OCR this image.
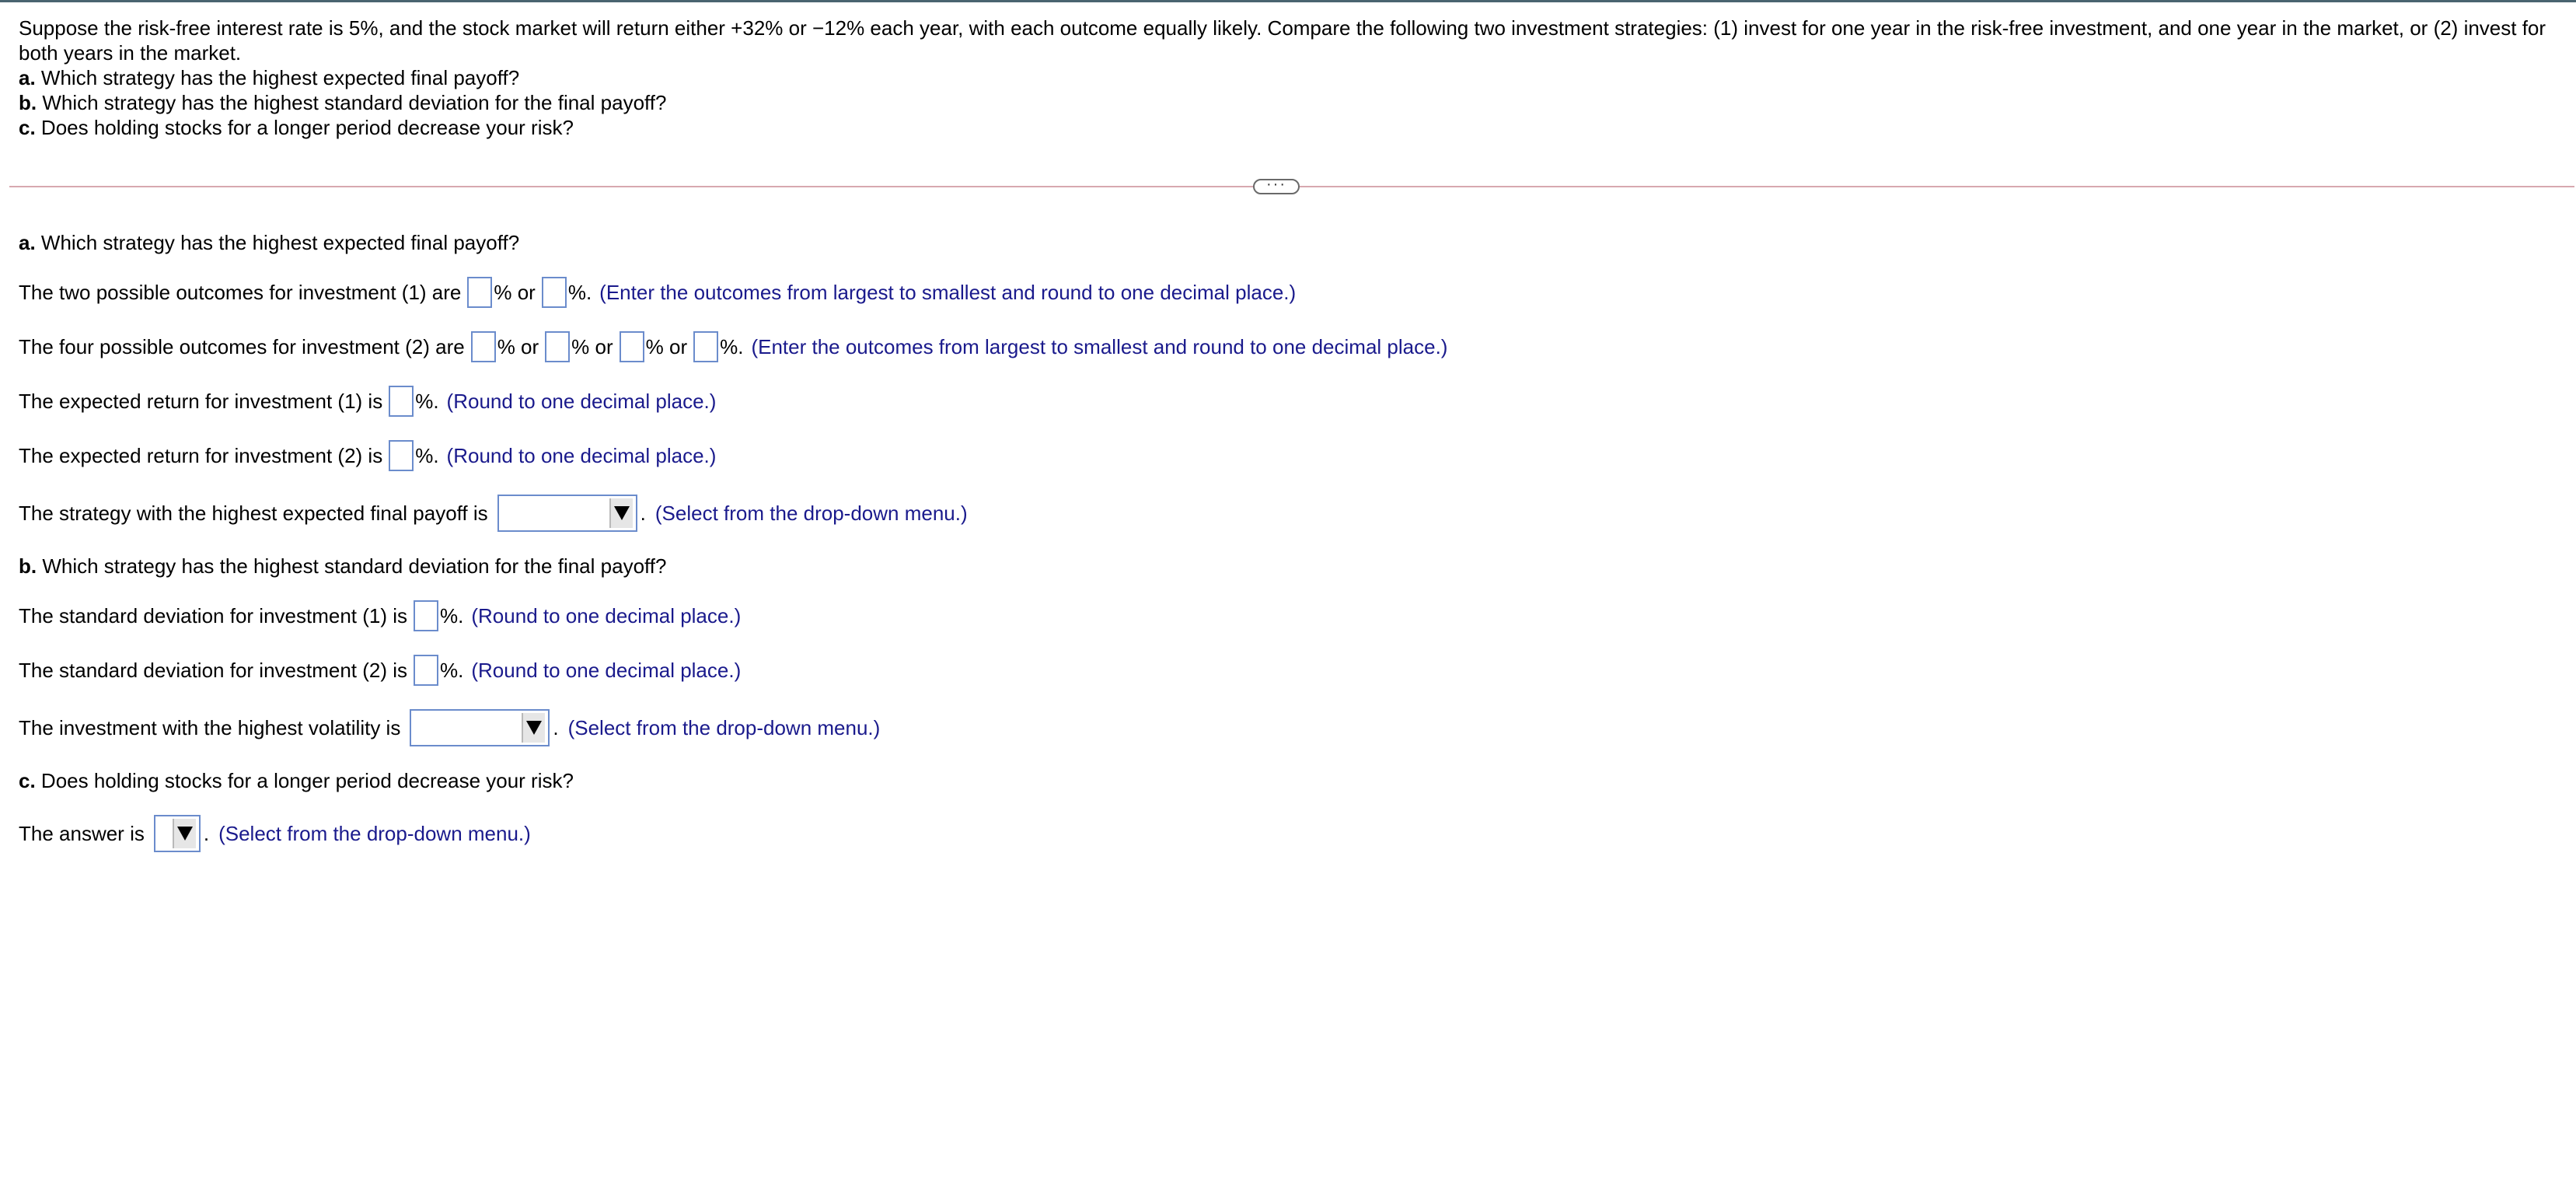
Suppose the risk-free interest rate is 5%, and the stock market will return either +32% or −12% each year, with each outcome equally likely. Compare the following two investment strategies: (1) invest for one year in the risk-free investment, and one year in the market, or (2) invest for both years in the market.

a. Which strategy has the highest expected final payoff?

b. Which strategy has the highest standard deviation for the final payoff?

c. Does holding stocks for a longer period decrease your risk?

···
a.
Which strategy has the highest expected final payoff?
The two possible outcomes for investment (1) are % or %. (Enter the outcomes from largest to smallest and round to one decimal place.)
The four possible outcomes for investment (2) are % or % or % or %. (Enter the outcomes from largest to smallest and round to one decimal place.)
The expected return for investment (1) is %. (Round to one decimal place.)
The expected return for investment (2) is %. (Round to one decimal place.)
The strategy with the highest expected final payoff is	. (Select from the drop-down menu.)
b.
Which strategy has the highest standard deviation for the final payoff?
The standard deviation for investment (1) is %. (Round to one decimal place.)
The standard deviation for investment (2) is %. (Round to one decimal place.)
The investment with the highest volatility is	. (Select from the drop-down menu.)
c.
Does holding stocks for a longer period decrease your risk?
The answer is	. (Select from the drop-down menu.)
